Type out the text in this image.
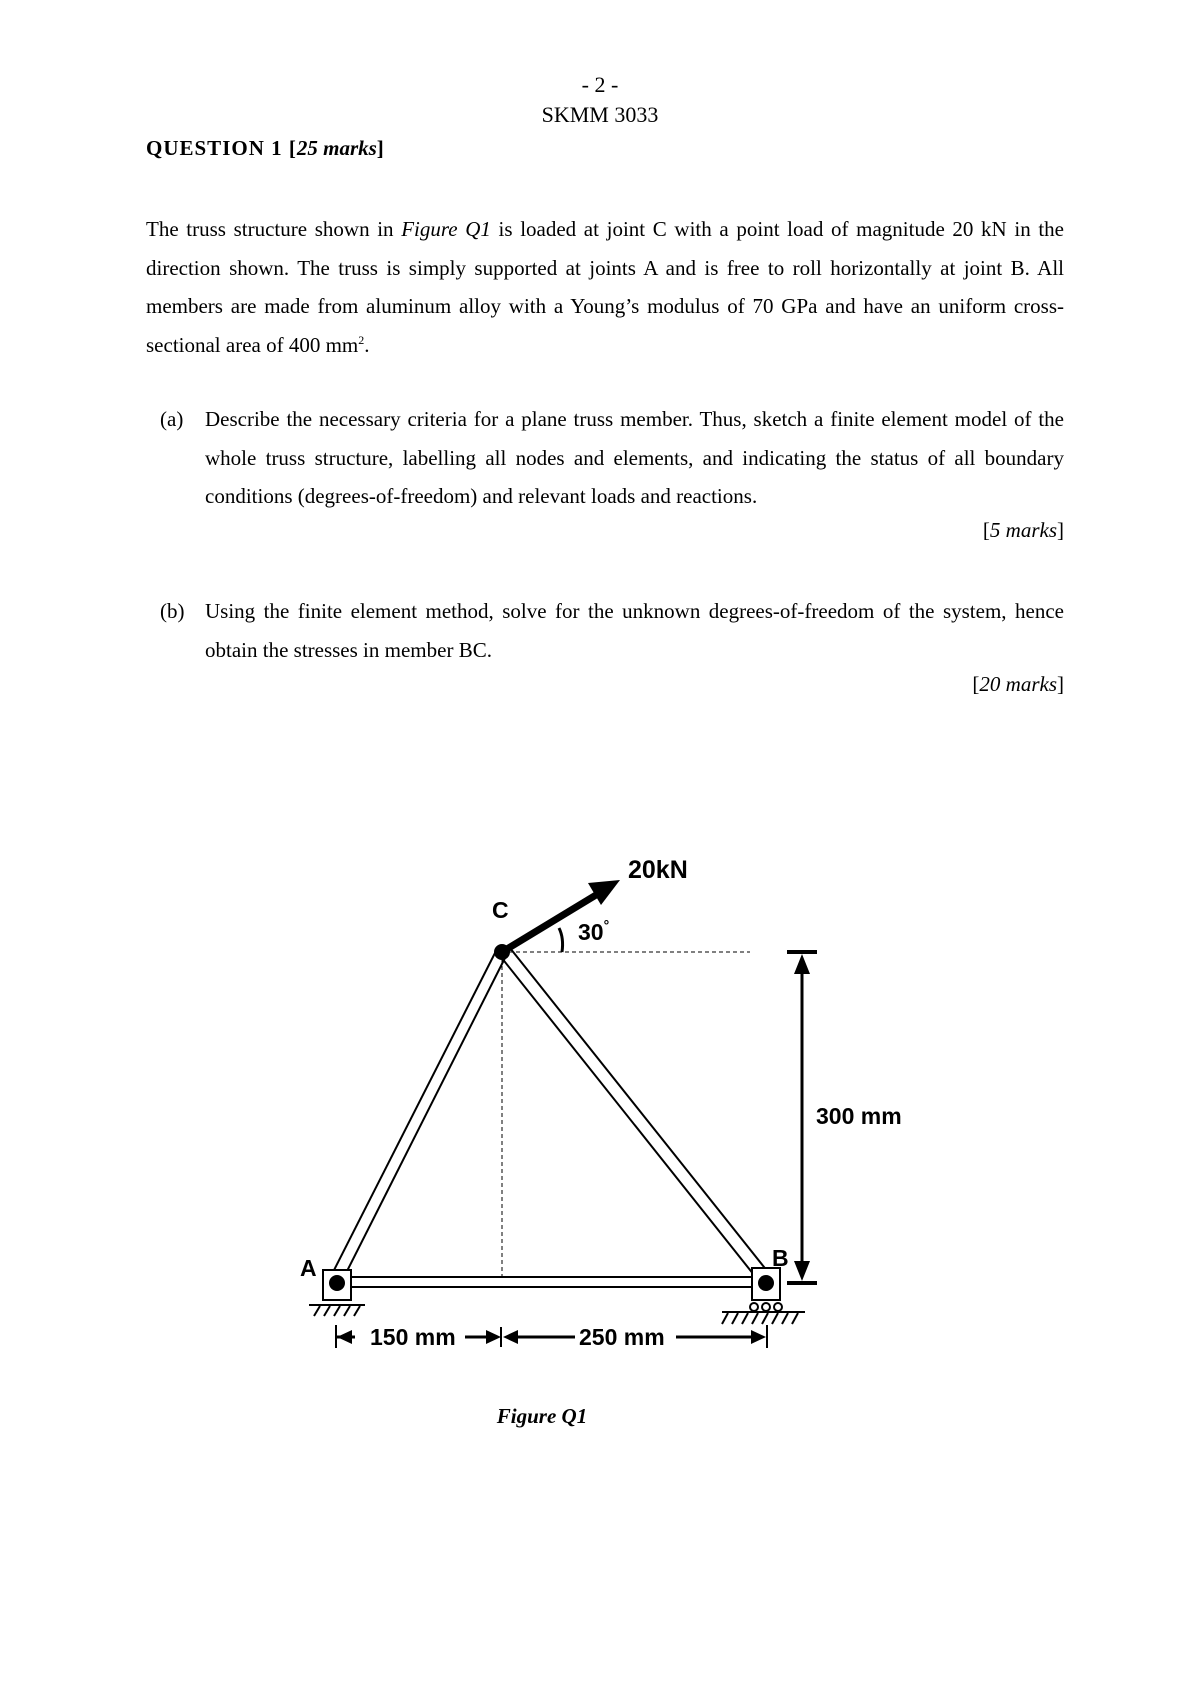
- 2 -
SKMM 3033
QUESTION 1 [25 marks]
The truss structure shown in Figure Q1 is loaded at joint C with a point load of magnitude 20 kN in the direction shown. The truss is simply supported at joints A and is free to roll horizontally at joint B. All members are made from aluminum alloy with a Young’s modulus of 70 GPa and have an uniform cross-sectional area of 400 $mm^2$.
(a) Describe the necessary criteria for a plane truss member. Thus, sketch a finite element model of the whole truss structure, labelling all nodes and elements, and indicating the status of all boundary conditions (degrees-of-freedom) and relevant loads and reactions.
[5 marks]
(b) Using the finite element method, solve for the unknown degrees-of-freedom of the system, hence obtain the stresses in member BC.
[20 marks]
A	B
C
20kN
30°
300 mm
150 mm	250 mm
Figure Q1
